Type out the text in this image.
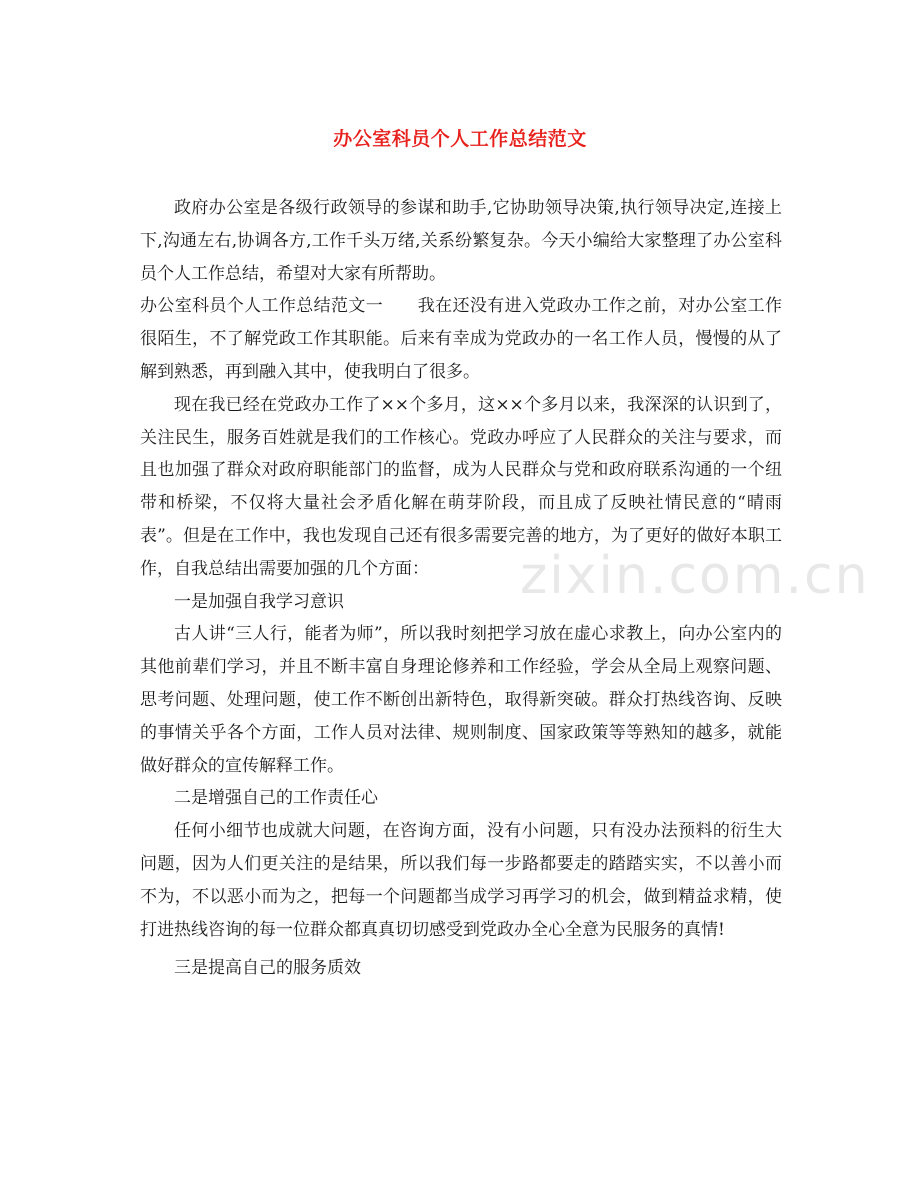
办公室科员个人工作总结范文

政府办公室是各级行政领导的参谋和助手,它协助领导决策,执行领导决定,连接上下,沟通左右,协调各方,工作千头万绪,关系纷繁复杂。今天小编给大家整理了办公室科员个人工作总结，希望对大家有所帮助。

办公室科员个人工作总结范文一　　我在还没有进入党政办工作之前，对办公室工作很陌生，不了解党政工作其职能。后来有幸成为党政办的一名工作人员，慢慢的从了解到熟悉，再到融入其中，使我明白了很多。

现在我已经在党政办工作了××个多月，这××个多月以来，我深深的认识到了，关注民生，服务百姓就是我们的工作核心。党政办呼应了人民群众的关注与要求，而且也加强了群众对政府职能部门的监督，成为人民群众与党和政府联系沟通的一个纽带和桥梁，不仅将大量社会矛盾化解在萌芽阶段，而且成了反映社情民意的“晴雨表”。但是在工作中，我也发现自己还有很多需要完善的地方，为了更好的做好本职工作，自我总结出需要加强的几个方面：

一是加强自我学习意识

古人讲“三人行，能者为师”，所以我时刻把学习放在虚心求教上，向办公室内的其他前辈们学习，并且不断丰富自身理论修养和工作经验，学会从全局上观察问题、思考问题、处理问题，使工作不断创出新特色，取得新突破。群众打热线咨询、反映的事情关乎各个方面，工作人员对法律、规则制度、国家政策等等熟知的越多，就能做好群众的宣传解释工作。

二是增强自己的工作责任心

任何小细节也成就大问题，在咨询方面，没有小问题，只有没办法预料的衍生大问题，因为人们更关注的是结果，所以我们每一步路都要走的踏踏实实，不以善小而不为，不以恶小而为之，把每一个问题都当成学习再学习的机会，做到精益求精，使打进热线咨询的每一位群众都真真切切感受到党政办全心全意为民服务的真情!

三是提高自己的服务质效

zixin.com.cn
